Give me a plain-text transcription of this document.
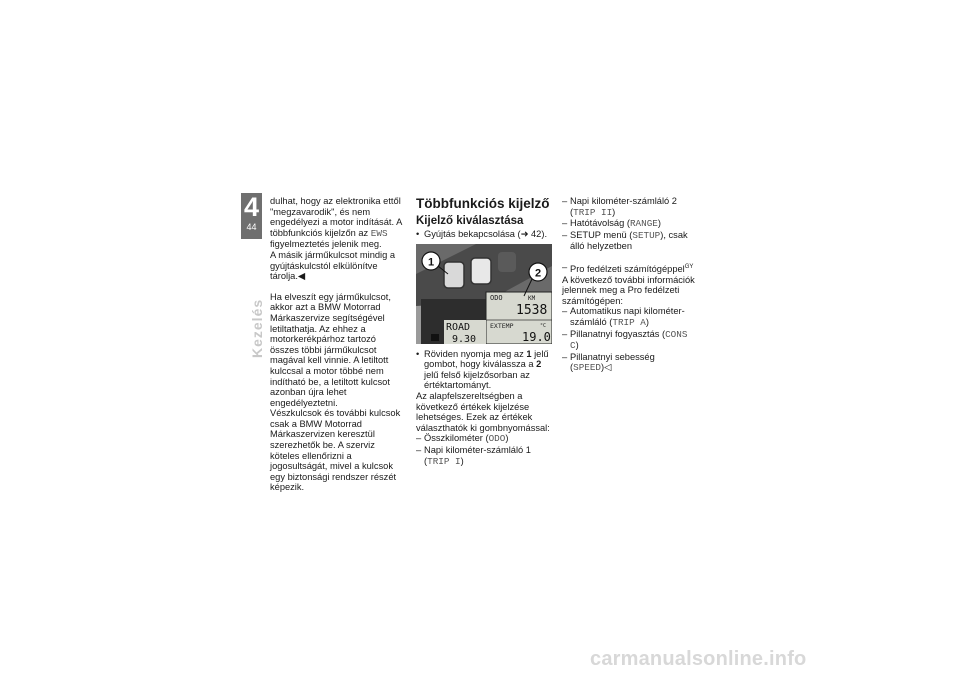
4
44
Kezelés

dulhat, hogy az elektronika ettől "megzavarodik", és nem engedélyezi a motor indítását. A többfunkciós kijelzőn az EWS figyelmeztetés jelenik meg.

A másik járműkulcsot mindig a gyújtáskulcstól elkülönítve tárolja.◀

Ha elveszít egy járműkulcsot, akkor azt a BMW Motorrad Márkaszervize segítségével letiltathatja. Az ehhez a motorkerékpárhoz tartozó összes többi járműkulcsot magával kell vinnie. A letiltott kulccsal a motor többé nem indítható be, a letiltott kulcsot azonban újra lehet engedélyeztetni.

Vészkulcsok és további kulcsok csak a BMW Motorrad Márkaszervizen keresztül szerezhetők be. A szerviz köteles ellenőrizni a jogosultságát, mivel a kulcsok egy biztonsági rendszer részét képezik.

Többfunkciós kijelző
Kijelző kiválasztása

• Gyújtás bekapcsolása (➜ 42).

ODO	KM
1538
EXTEMP	°C
19.0
ROAD
9.30
1
2

• Röviden nyomja meg az 1 jelű gombot, hogy kiválassza a 2 jelű felső kijelzősorban az értéktartományt.

Az alapfelszereltségben a következő értékek kijelzése lehetséges. Ezek az értékek választhatók ki gombnyomással:

– Összkilométer (ODO)

– Napi kilométer-számláló 1 (TRIP I)

– Napi kilométer-számláló 2 (TRIP II)

– Hatótávolság (RANGE)

– SETUP menü (SETUP), csak álló helyzetben

– Pro fedélzeti számítógéppel$^{GY}$

A következő további információk jelennek meg a Pro fedélzeti számítógépen:

– Automatikus napi kilométer-számláló (TRIP A)

– Pillanatnyi fogyasztás (CONS C)

– Pillanatnyi sebesség (SPEED)◁

carmanualsonline.info
